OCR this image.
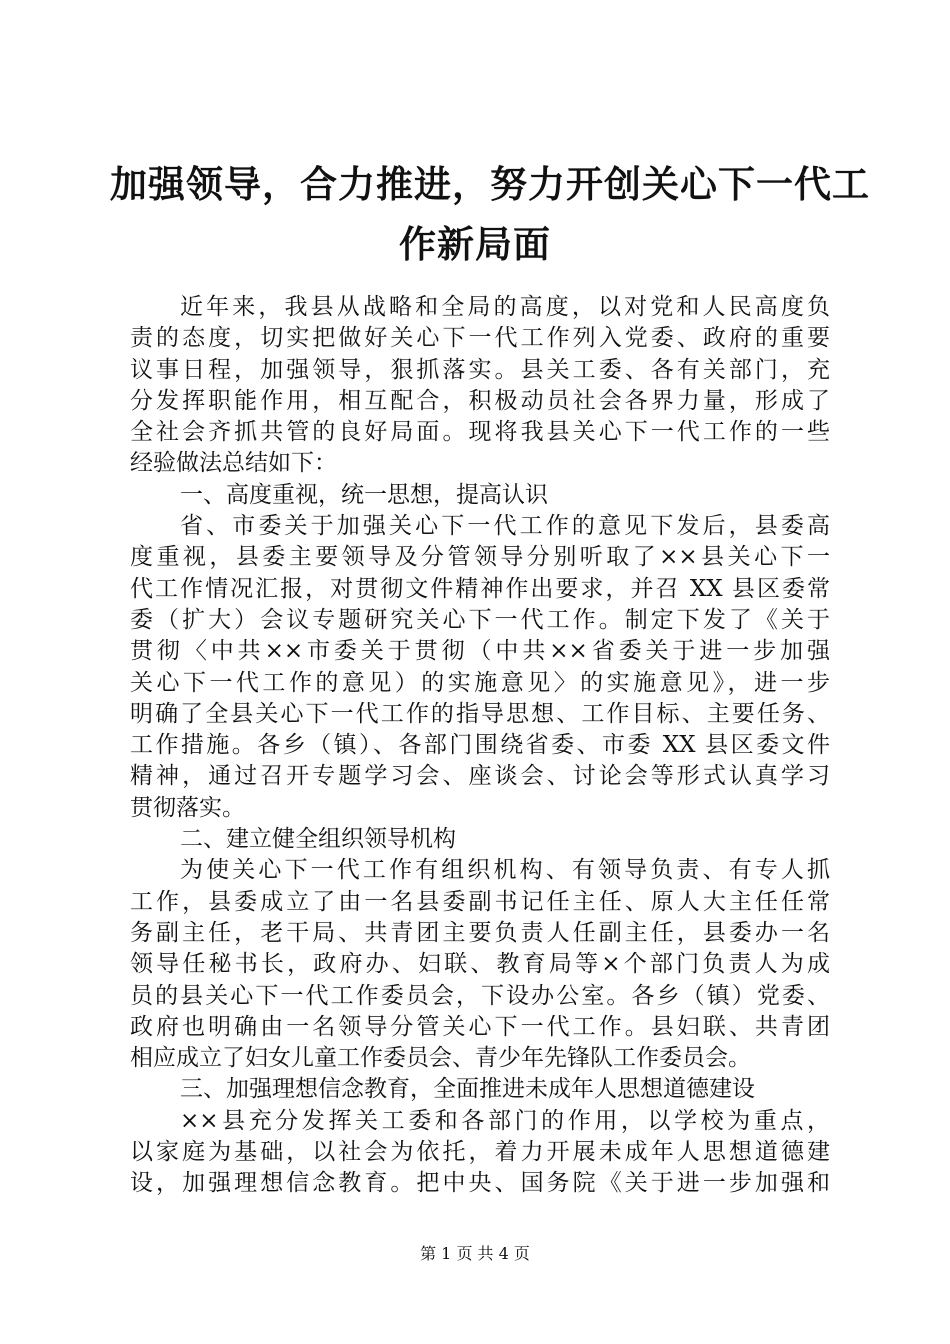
加强领导，合力推进，努力开创关心下一代工
作新局面
近年来，我县从战略和全局的高度，以对党和人民高度负
责的态度，切实把做好关心下一代工作列入党委、政府的重要
议事日程，加强领导，狠抓落实。县关工委、各有关部门，充
分发挥职能作用，相互配合，积极动员社会各界力量，形成了
全社会齐抓共管的良好局面。现将我县关心下一代工作的一些
经验做法总结如下：
一、高度重视，统一思想，提高认识
省、市委关于加强关心下一代工作的意见下发后，县委高
度重视，县委主要领导及分管领导分别听取了××县关心下一
代工作情况汇报，对贯彻文件精神作出要求，并召 XX 县区委常
委（扩大）会议专题研究关心下一代工作。制定下发了《关于
贯彻〈中共××市委关于贯彻（中共××省委关于进一步加强
关心下一代工作的意见）的实施意见〉的实施意见》，进一步
明确了全县关心下一代工作的指导思想、工作目标、主要任务、
工作措施。各乡（镇）、各部门围绕省委、市委 XX 县区委文件
精神，通过召开专题学习会、座谈会、讨论会等形式认真学习
贯彻落实。
二、建立健全组织领导机构
为使关心下一代工作有组织机构、有领导负责、有专人抓
工作，县委成立了由一名县委副书记任主任、原人大主任任常
务副主任，老干局、共青团主要负责人任副主任，县委办一名
领导任秘书长，政府办、妇联、教育局等×个部门负责人为成
员的县关心下一代工作委员会，下设办公室。各乡（镇）党委、
政府也明确由一名领导分管关心下一代工作。县妇联、共青团
相应成立了妇女儿童工作委员会、青少年先锋队工作委员会。
三、加强理想信念教育，全面推进未成年人思想道德建设
××县充分发挥关工委和各部门的作用，以学校为重点，
以家庭为基础，以社会为依托，着力开展未成年人思想道德建
设，加强理想信念教育。把中央、国务院《关于进一步加强和
第 1 页 共 4 页
